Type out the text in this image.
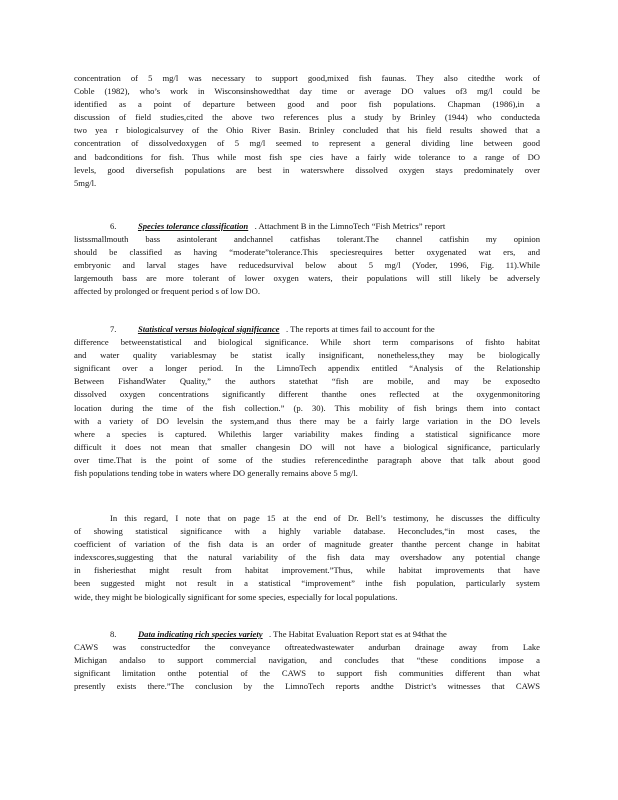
concentration of 5 mg/l was necessary to support good,mixed fish faunas. They also citedthe work of
Coble (1982), who’s work in Wisconsinshowedthat day time or average DO values of3 mg/l could be
identified as a point of departure between good and poor fish populations. Chapman (1986),in a
discussion of field studies,cited the above two references plus a study by Brinley (1944) who conducteda
two yea r biologicalsurvey of the Ohio River Basin. Brinley concluded that his field results showed that a
concentration of dissolvedoxygen of 5 mg/l seemed to represent a general dividing line between good
and badconditions for fish. Thus while most fish spe cies have a fairly wide tolerance to a range of DO
levels, good diversefish populations are best in waterswhere dissolved oxygen stays predominately over
5mg/l.
6. Species tolerance classification . Attachment B in the LimnoTech “Fish Metrics” report
listssmallmouth bass asintolerant andchannel catfishas tolerant.The channel catfishin my opinion
should be classified as having “moderate”tolerance.This speciesrequires better oxygenated wat ers, and
embryonic and larval stages have reducedsurvival below about 5 mg/l (Yoder, 1996, Fig. 11).While
largemouth bass are more tolerant of lower oxygen waters, their populations will still likely be adversely
affected by prolonged or frequent period s of low DO.
7. Statistical versus biological significance . The reports at times fail to account for the
difference betweenstatistical and biological significance. While short term comparisons of fishto habitat
and water quality variablesmay be statist ically insignificant, nonetheless,they may be biologically
significant over a longer period. In the LimnoTech appendix entitled “Analysis of the Relationship
Between FishandWater Quality,” the authors statethat “fish are mobile, and may be exposedto
dissolved oxygen concentrations significantly different thanthe ones reflected at the oxygenmonitoring
location during the time of the fish collection.” (p. 30). This mobility of fish brings them into contact
with a variety of DO levelsin the system,and thus there may be a fairly large variation in the DO levels
where a species is captured. Whilethis larger variability makes finding a statistical significance more
difficult it does not mean that smaller changesin DO will not have a biological significance, particularly
over time.That is the point of some of the studies referencedinthe paragraph above that talk about good
fish populations tending tobe in waters where DO generally remains above 5 mg/l.
In this regard, I note that on page 15 at the end of Dr. Bell’s testimony, he discusses the difficulty
of showing statistical significance with a highly variable database. Heconcludes,“in most cases, the
coefficient of variation of the fish data is an order of magnitude greater thanthe percent change in habitat
indexscores,suggesting that the natural variability of the fish data may overshadow any potential change
in fisheriesthat might result from habitat improvement.”Thus, while habitat improvements that have
been suggested might not result in a statistical “improvement” inthe fish population, particularly system
wide, they might be biologically significant for some species, especially for local populations.
8. Data indicating rich species variety . The Habitat Evaluation Report stat es at 94that the
CAWS was constructedfor the conveyance oftreatedwastewater andurban drainage away from Lake
Michigan andalso to support commercial navigation, and concludes that “these conditions impose a
significant limitation onthe potential of the CAWS to support fish communities different than what
presently exists there.”The conclusion by the LimnoTech reports andthe District’s witnesses that CAWS
